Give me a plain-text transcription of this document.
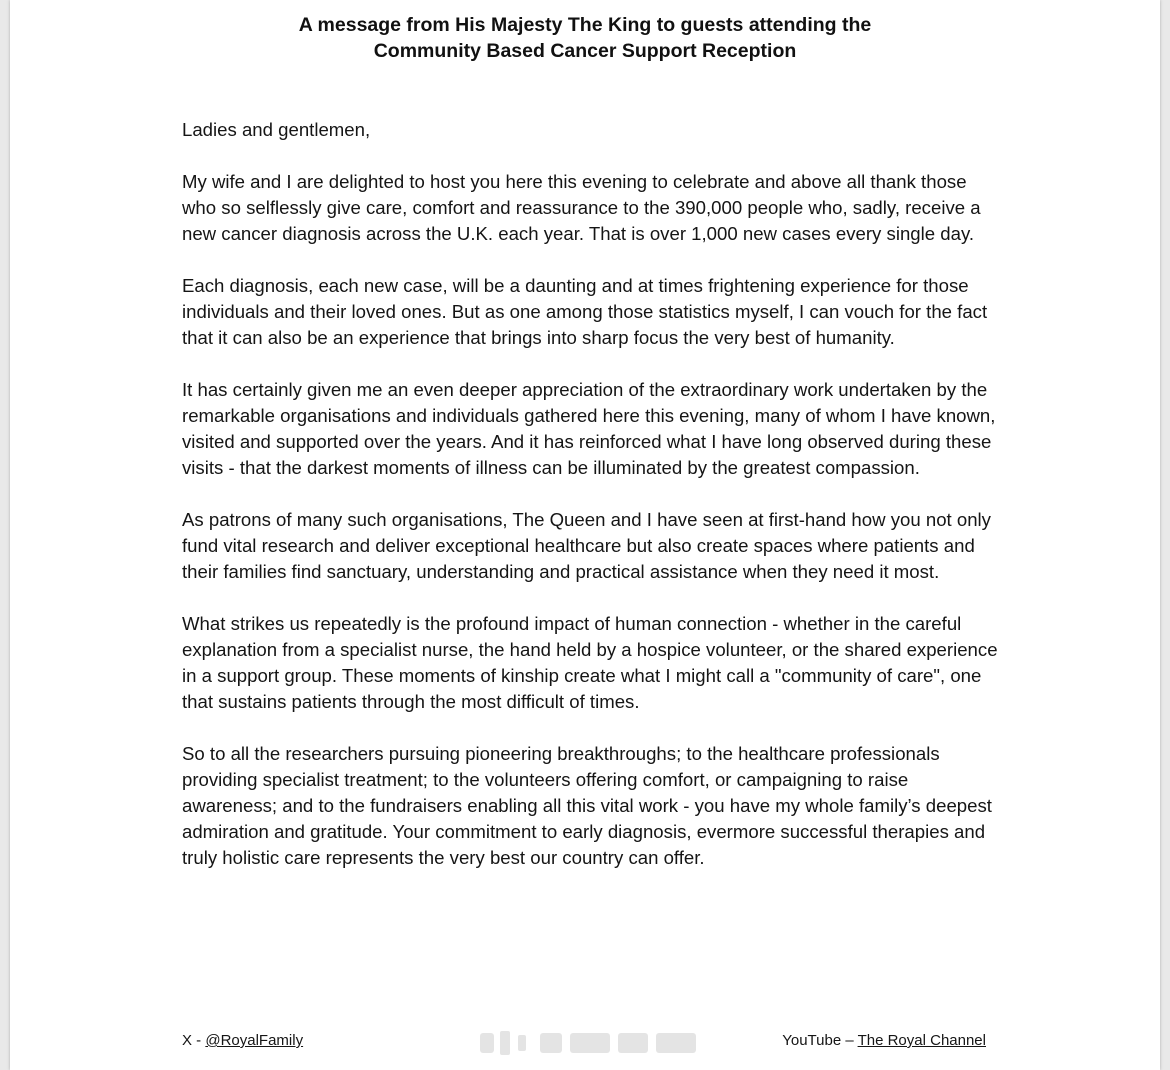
A message from His Majesty The King to guests attending the
Community Based Cancer Support Reception

Ladies and gentlemen,

My wife and I are delighted to host you here this evening to celebrate and above all thank those who so selflessly give care, comfort and reassurance to the 390,000 people who, sadly, receive a new cancer diagnosis across the U.K. each year. That is over 1,000 new cases every single day.

Each diagnosis, each new case, will be a daunting and at times frightening experience for those individuals and their loved ones. But as one among those statistics myself, I can vouch for the fact that it can also be an experience that brings into sharp focus the very best of humanity.

It has certainly given me an even deeper appreciation of the extraordinary work undertaken by the remarkable organisations and individuals gathered here this evening, many of whom I have known, visited and supported over the years. And it has reinforced what I have long observed during these visits - that the darkest moments of illness can be illuminated by the greatest compassion.

As patrons of many such organisations, The Queen and I have seen at first-hand how you not only fund vital research and deliver exceptional healthcare but also create spaces where patients and their families find sanctuary, understanding and practical assistance when they need it most.

What strikes us repeatedly is the profound impact of human connection - whether in the careful explanation from a specialist nurse, the hand held by a hospice volunteer, or the shared experience in a support group. These moments of kinship create what I might call a "community of care", one that sustains patients through the most difficult of times.

So to all the researchers pursuing pioneering breakthroughs; to the healthcare professionals providing specialist treatment; to the volunteers offering comfort, or campaigning to raise awareness; and to the fundraisers enabling all this vital work - you have my whole family’s deepest admiration and gratitude. Your commitment to early diagnosis, evermore successful therapies and truly holistic care represents the very best our country can offer.

X - @RoyalFamily	YouTube – The Royal Channel
